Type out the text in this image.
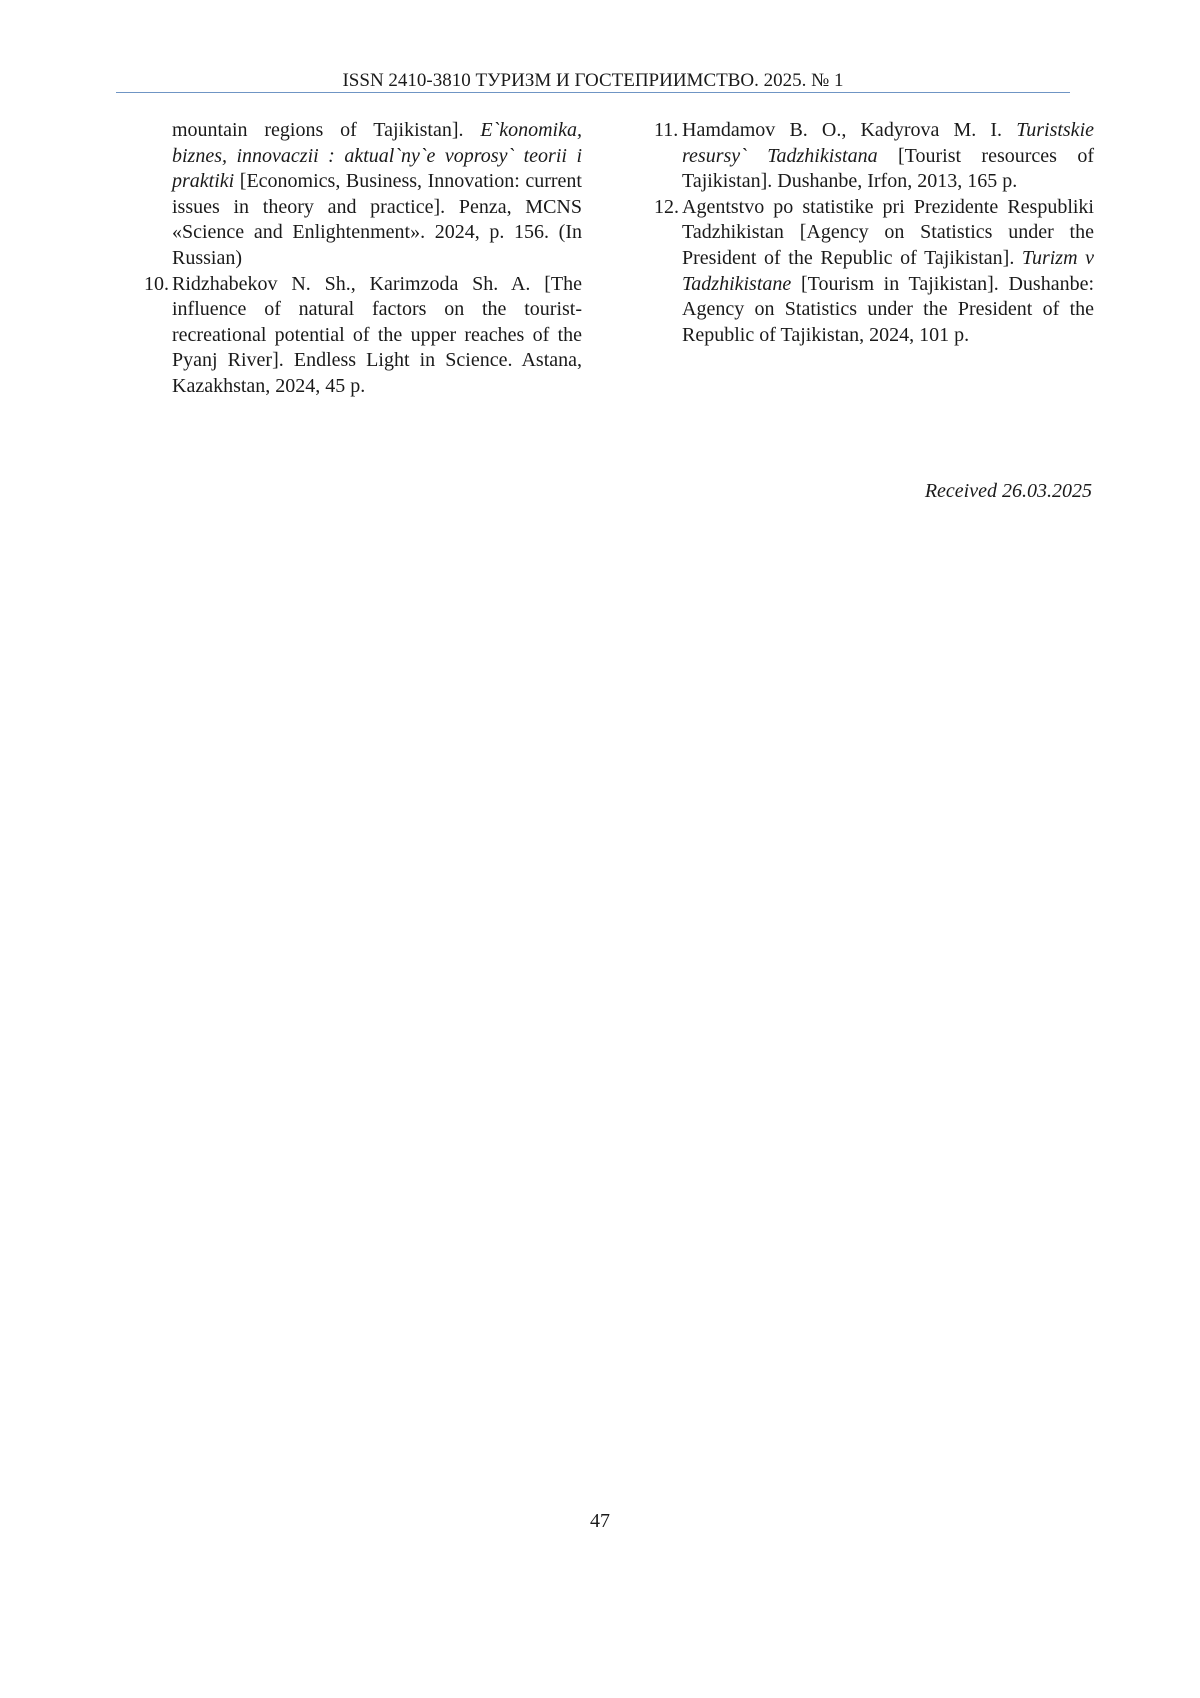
ISSN 2410-3810 ТУРИЗМ И ГОСТЕПРИИМСТВО. 2025. № 1

mountain regions of Tajikistan]. E`konomika, biznes, innovaczii : aktual`ny`e voprosy` teorii i praktiki [Economics, Business, Innovation: current issues in theory and practice]. Penza, MCNS «Science and Enlightenment». 2024, p. 156. (In Russian)

10. Ridzhabekov N. Sh., Karimzoda Sh. A. [The influence of natural factors on the tourist-recreational potential of the upper reaches of the Pyanj River]. Endless Light in Science. Astana, Kazakhstan, 2024, 45 p.

11. Hamdamov B. O., Kadyrova M. I. Turistskie resursy` Tadzhikistana [Tourist resources of Tajikistan]. Dushanbe, Irfon, 2013, 165 p.

12. Agentstvo po statistike pri Prezidente Respubliki Tadzhikistan [Agency on Statistics under the President of the Republic of Tajikistan]. Turizm v Tadzhikistane [Tourism in Tajikistan]. Dushanbe: Agency on Statistics under the President of the Republic of Tajikistan, 2024, 101 p.

Received 26.03.2025
47
